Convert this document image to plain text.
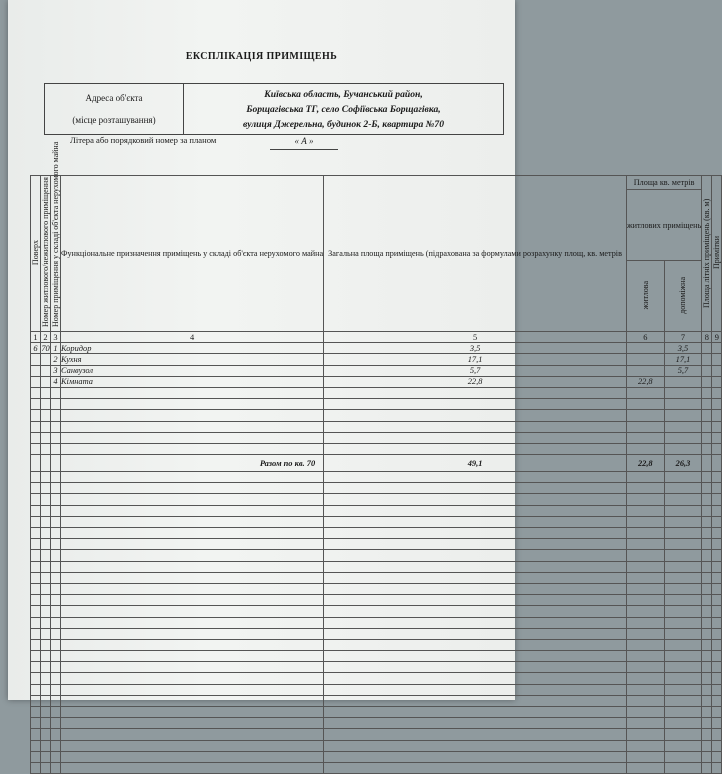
ЕКСПЛІКАЦІЯ ПРИМІЩЕНЬ
Адреса об'єкта
(місце розташування)
Київська область, Бучанський район,
Борщагівська ТГ, село Софіївська Борщагівка,
вулиця Джерельна, будинок 2-Б, квартира №70
Літера або порядковий номер за планом	« А »
Поверх	Номер житлового/нежитлового приміщення	Номер приміщення у складі об'єкта нерухомого майна	Функціональне призначення приміщень у складі об'єкта нерухомого майна	Загальна площа приміщень (підрахована за формулами розрахунку площ, кв. метрів	Площа кв. метрів		Площа літніх приміщень (кв. м)	Примітки
					житлових приміщень			
					житлова	допоміжна		
1	2	3	4	5	6	7	8	9
6	70	1	Коридор	3,5		3,5		
		2	Кухня	17,1		17,1		
		3	Санвузол	5,7		5,7		
		4	Кімната	22,8	22,8			

			Разом по кв. 70	49,1	22,8	26,3		
